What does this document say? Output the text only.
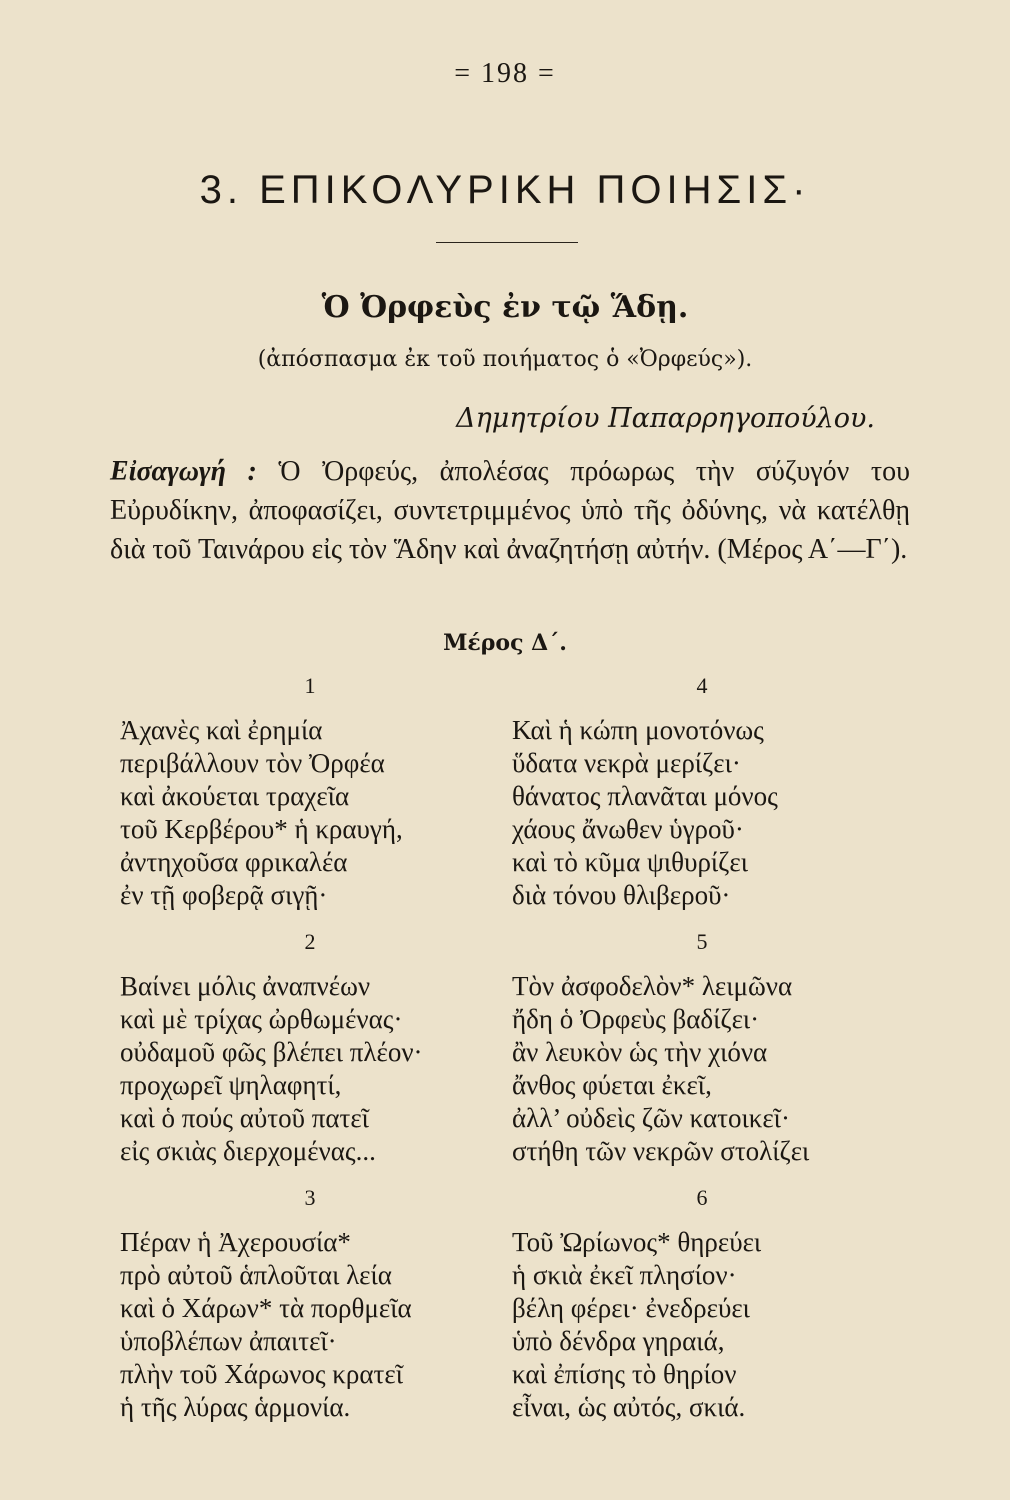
= 198 =
3. ΕΠΙΚΟΛΥΡΙΚΗ ΠΟΙΗΣΙΣ·
Ὁ Ὀρφεὺς ἐν τῷ Ἅδῃ.
(ἀπόσπασμα ἐκ τοῦ ποιήματος ὁ «Ὀρφεύς»).
Δημητρίου Παπαρρηγοπούλου.
Εἰσαγωγή : Ὁ Ὀρφεύς, ἀπολέσας πρόωρως τὴν σύζυγόν του Εὐρυδίκην, ἀποφασίζει, συντετριμμένος ὑπὸ τῆς ὀδύνης, νὰ κατέλθῃ διὰ τοῦ Ταινάρου εἰς τὸν Ἅδην καὶ ἀναζητήσῃ αὐτήν. (Μέρος Α΄—Γ΄).
Μέρος Δ΄.
1
Ἀχανὲς καὶ ἐρημία
περιβάλλουν τὸν Ὀρφέα
καὶ ἀκούεται τραχεῖα
τοῦ Κερβέρου* ἡ κραυγή,
ἀντηχοῦσα φρικαλέα
ἐν τῇ φοβερᾷ σιγῇ·
2
Βαίνει μόλις ἀναπνέων
καὶ μὲ τρίχας ὠρθωμένας·
οὐδαμοῦ φῶς βλέπει πλέον·
προχωρεῖ ψηλαφητί,
καὶ ὁ πούς αὐτοῦ πατεῖ
εἰς σκιὰς διερχομένας...
3
Πέραν ἡ Ἀχερουσία*
πρὸ αὐτοῦ ἁπλοῦται λεία
καὶ ὁ Χάρων* τὰ πορθμεῖα
ὑποβλέπων ἀπαιτεῖ·
πλὴν τοῦ Χάρωνος κρατεῖ
ἡ τῆς λύρας ἁρμονία.
4
Καὶ ἡ κώπη μονοτόνως
ὕδατα νεκρὰ μερίζει·
θάνατος πλανᾶται μόνος
χάους ἄνωθεν ὑγροῦ·
καὶ τὸ κῦμα ψιθυρίζει
διὰ τόνου θλιβεροῦ·
5
Τὸν ἀσφοδελὸν* λειμῶνα
ἤδη ὁ Ὀρφεὺς βαδίζει·
ἂν λευκὸν ὡς τὴν χιόνα
ἄνθος φύεται ἐκεῖ,
ἀλλ’ οὐδεὶς ζῶν κατοικεῖ·
στήθη τῶν νεκρῶν στολίζει
6
Τοῦ Ὠρίωνος* θηρεύει
ἡ σκιὰ ἐκεῖ πλησίον·
βέλη φέρει· ἐνεδρεύει
ὑπὸ δένδρα γηραιά,
καὶ ἐπίσης τὸ θηρίον
εἶναι, ὡς αὐτός, σκιά.
